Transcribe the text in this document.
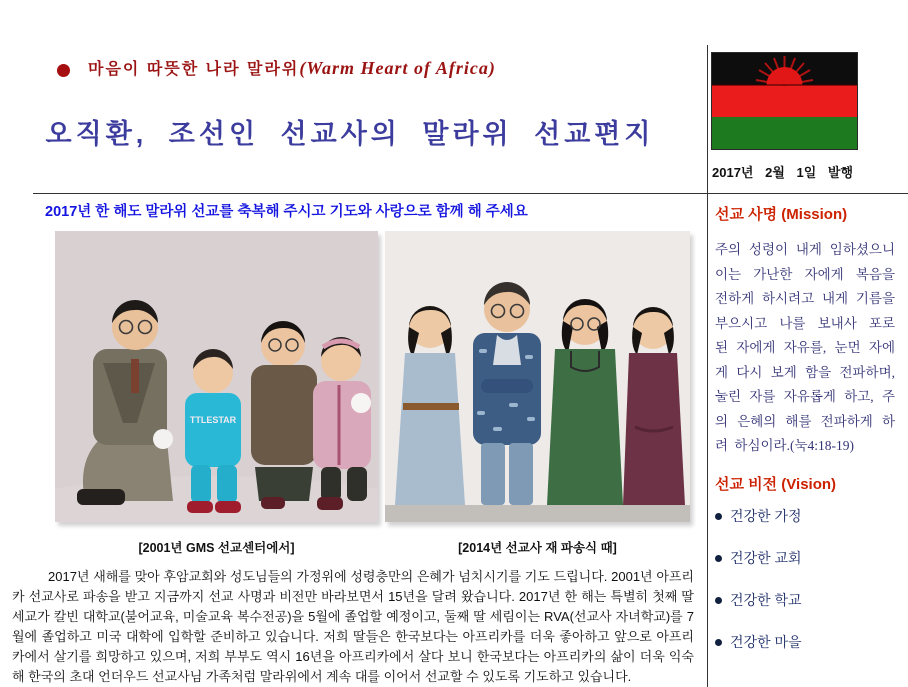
마음이 따뜻한 나라 말라위(Warm Heart of Africa)
오직환, 조선인 선교사의 말라위 선교편지
2017년 2월 1일 발행
2017년 한 해도 말라위 선교를 축복해 주시고 기도와 사랑으로 함께 해 주세요
TTLESTAR
[2001년 GMS 선교센터에서]	[2014년 선교사 재 파송식 때]

2017년 새해를 맞아 후암교회와 성도님들의 가정위에 성령충만의 은혜가 넘치시기를 기도 드립니다. 2001년 아프리카 선교사로 파송을 받고 지금까지 선교 사명과 비전만 바라보면서 15년을 달려 왔습니다. 2017년 한 해는 특별히 첫째 딸 세교가 칼빈 대학교(불어교육, 미술교육 복수전공)을 5월에 졸업할 예정이고, 둘째 딸 세림이는 RVA(선교사 자녀학교)를 7월에 졸업하고 미국 대학에 입학할 준비하고 있습니다. 저희 딸들은 한국보다는 아프리카를 더욱 좋아하고 앞으로 아프리카에서 살기를 희망하고 있으며, 저희 부부도 역시 16년을 아프리카에서 살다 보니 한국보다는 아프리카의 삶이 더욱 익숙해 한국의 초대 언더우드 선교사님 가족처럼 말라위에서 계속 대를 이어서 선교할 수 있도록 기도하고 있습니다.

선교 사명 (Mission)

주의 성령이 내게 임하셨으니 이는 가난한 자에게 복음을 전하게 하시려고 내게 기름을 부으시고 나를 보내사 포로 된 자에게 자유를, 눈먼 자에게 다시 보게 함을 전파하며, 눌린 자를 자유롭게 하고, 주의 은혜의 해를 전파하게 하려 하심이라.(눅4:18-19)

선교 비전 (Vision)
건강한 가정
건강한 교회
건강한 학교
건강한 마을
